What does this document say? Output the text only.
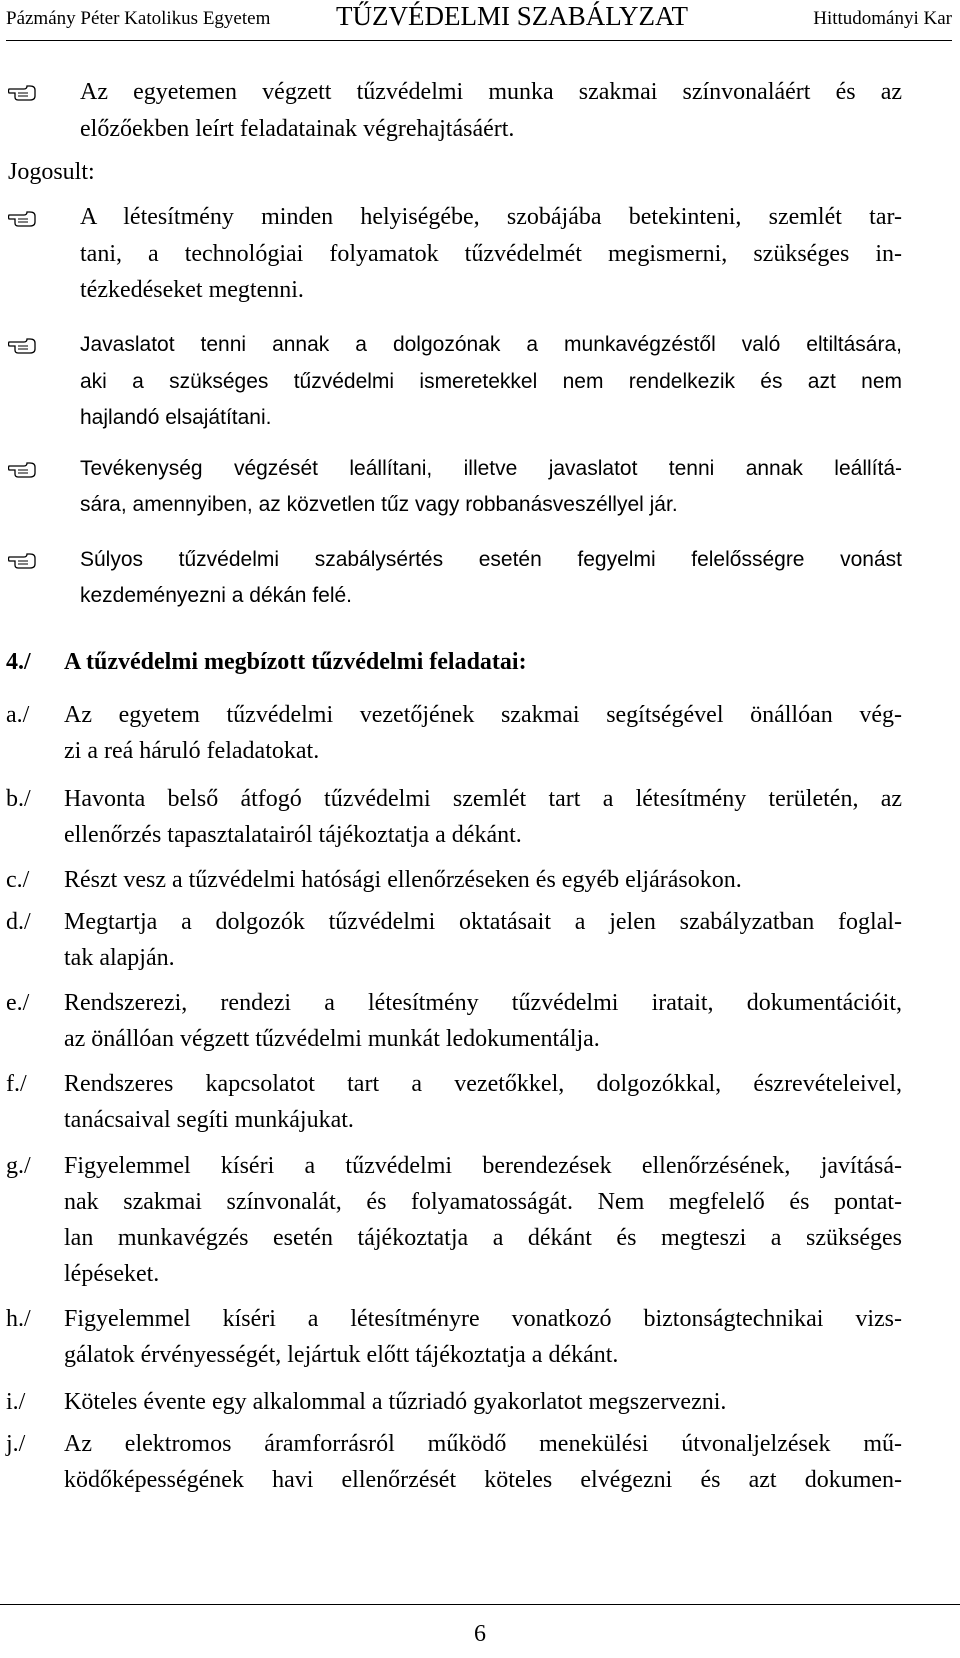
Pázmány Péter Katolikus Egyetem TŰZVÉDELMI SZABÁLYZAT	Hittudományi Kar
Az egyetemen végzett tűzvédelmi munka szakmai színvonaláért és az
előzőekben leírt feladatainak végrehajtásáért.
Jogosult:
A létesítmény minden helyiségébe, szobájába betekinteni, szemlét tar-
tani, a technológiai folyamatok tűzvédelmét megismerni, szükséges in-
tézkedéseket megtenni.
Javaslatot tenni annak a dolgozónak a munkavégzéstől való eltiltására,
aki a szükséges tűzvédelmi ismeretekkel nem rendelkezik és azt nem
hajlandó elsajátítani.
Tevékenység végzését leállítani, illetve javaslatot tenni annak leállítá-
sára, amennyiben, az közvetlen tűz vagy robbanásveszéllyel jár.
Súlyos tűzvédelmi szabálysértés esetén fegyelmi felelősségre vonást
kezdeményezni a dékán felé.
4./ A tűzvédelmi megbízott tűzvédelmi feladatai:
a./ Az egyetem tűzvédelmi vezetőjének szakmai segítségével önállóan vég-
zi a reá háruló feladatokat.
b./ Havonta belső átfogó tűzvédelmi szemlét tart a létesítmény területén, az
ellenőrzés tapasztalatairól tájékoztatja a dékánt.
c./ Részt vesz a tűzvédelmi hatósági ellenőrzéseken és egyéb eljárásokon.
d./ Megtartja a dolgozók tűzvédelmi oktatásait a jelen szabályzatban foglal-
tak alapján.
e./ Rendszerezi, rendezi a létesítmény tűzvédelmi iratait, dokumentációit,
az önállóan végzett tűzvédelmi munkát ledokumentálja.
f./ Rendszeres kapcsolatot tart a vezetőkkel, dolgozókkal, észrevételeivel,
tanácsaival segíti munkájukat.
g./ Figyelemmel kíséri a tűzvédelmi berendezések ellenőrzésének, javításá-
nak szakmai színvonalát, és folyamatosságát. Nem megfelelő és pontat-
lan munkavégzés esetén tájékoztatja a dékánt és megteszi a szükséges
lépéseket.
h./ Figyelemmel kíséri a létesítményre vonatkozó biztonságtechnikai vizs-
gálatok érvényességét, lejártuk előtt tájékoztatja a dékánt.
i./ Köteles évente egy alkalommal a tűzriadó gyakorlatot megszervezni.
j./ Az elektromos áramforrásról működő menekülési útvonaljelzések mű-
ködőképességének havi ellenőrzését köteles elvégezni és azt dokumen-
6
